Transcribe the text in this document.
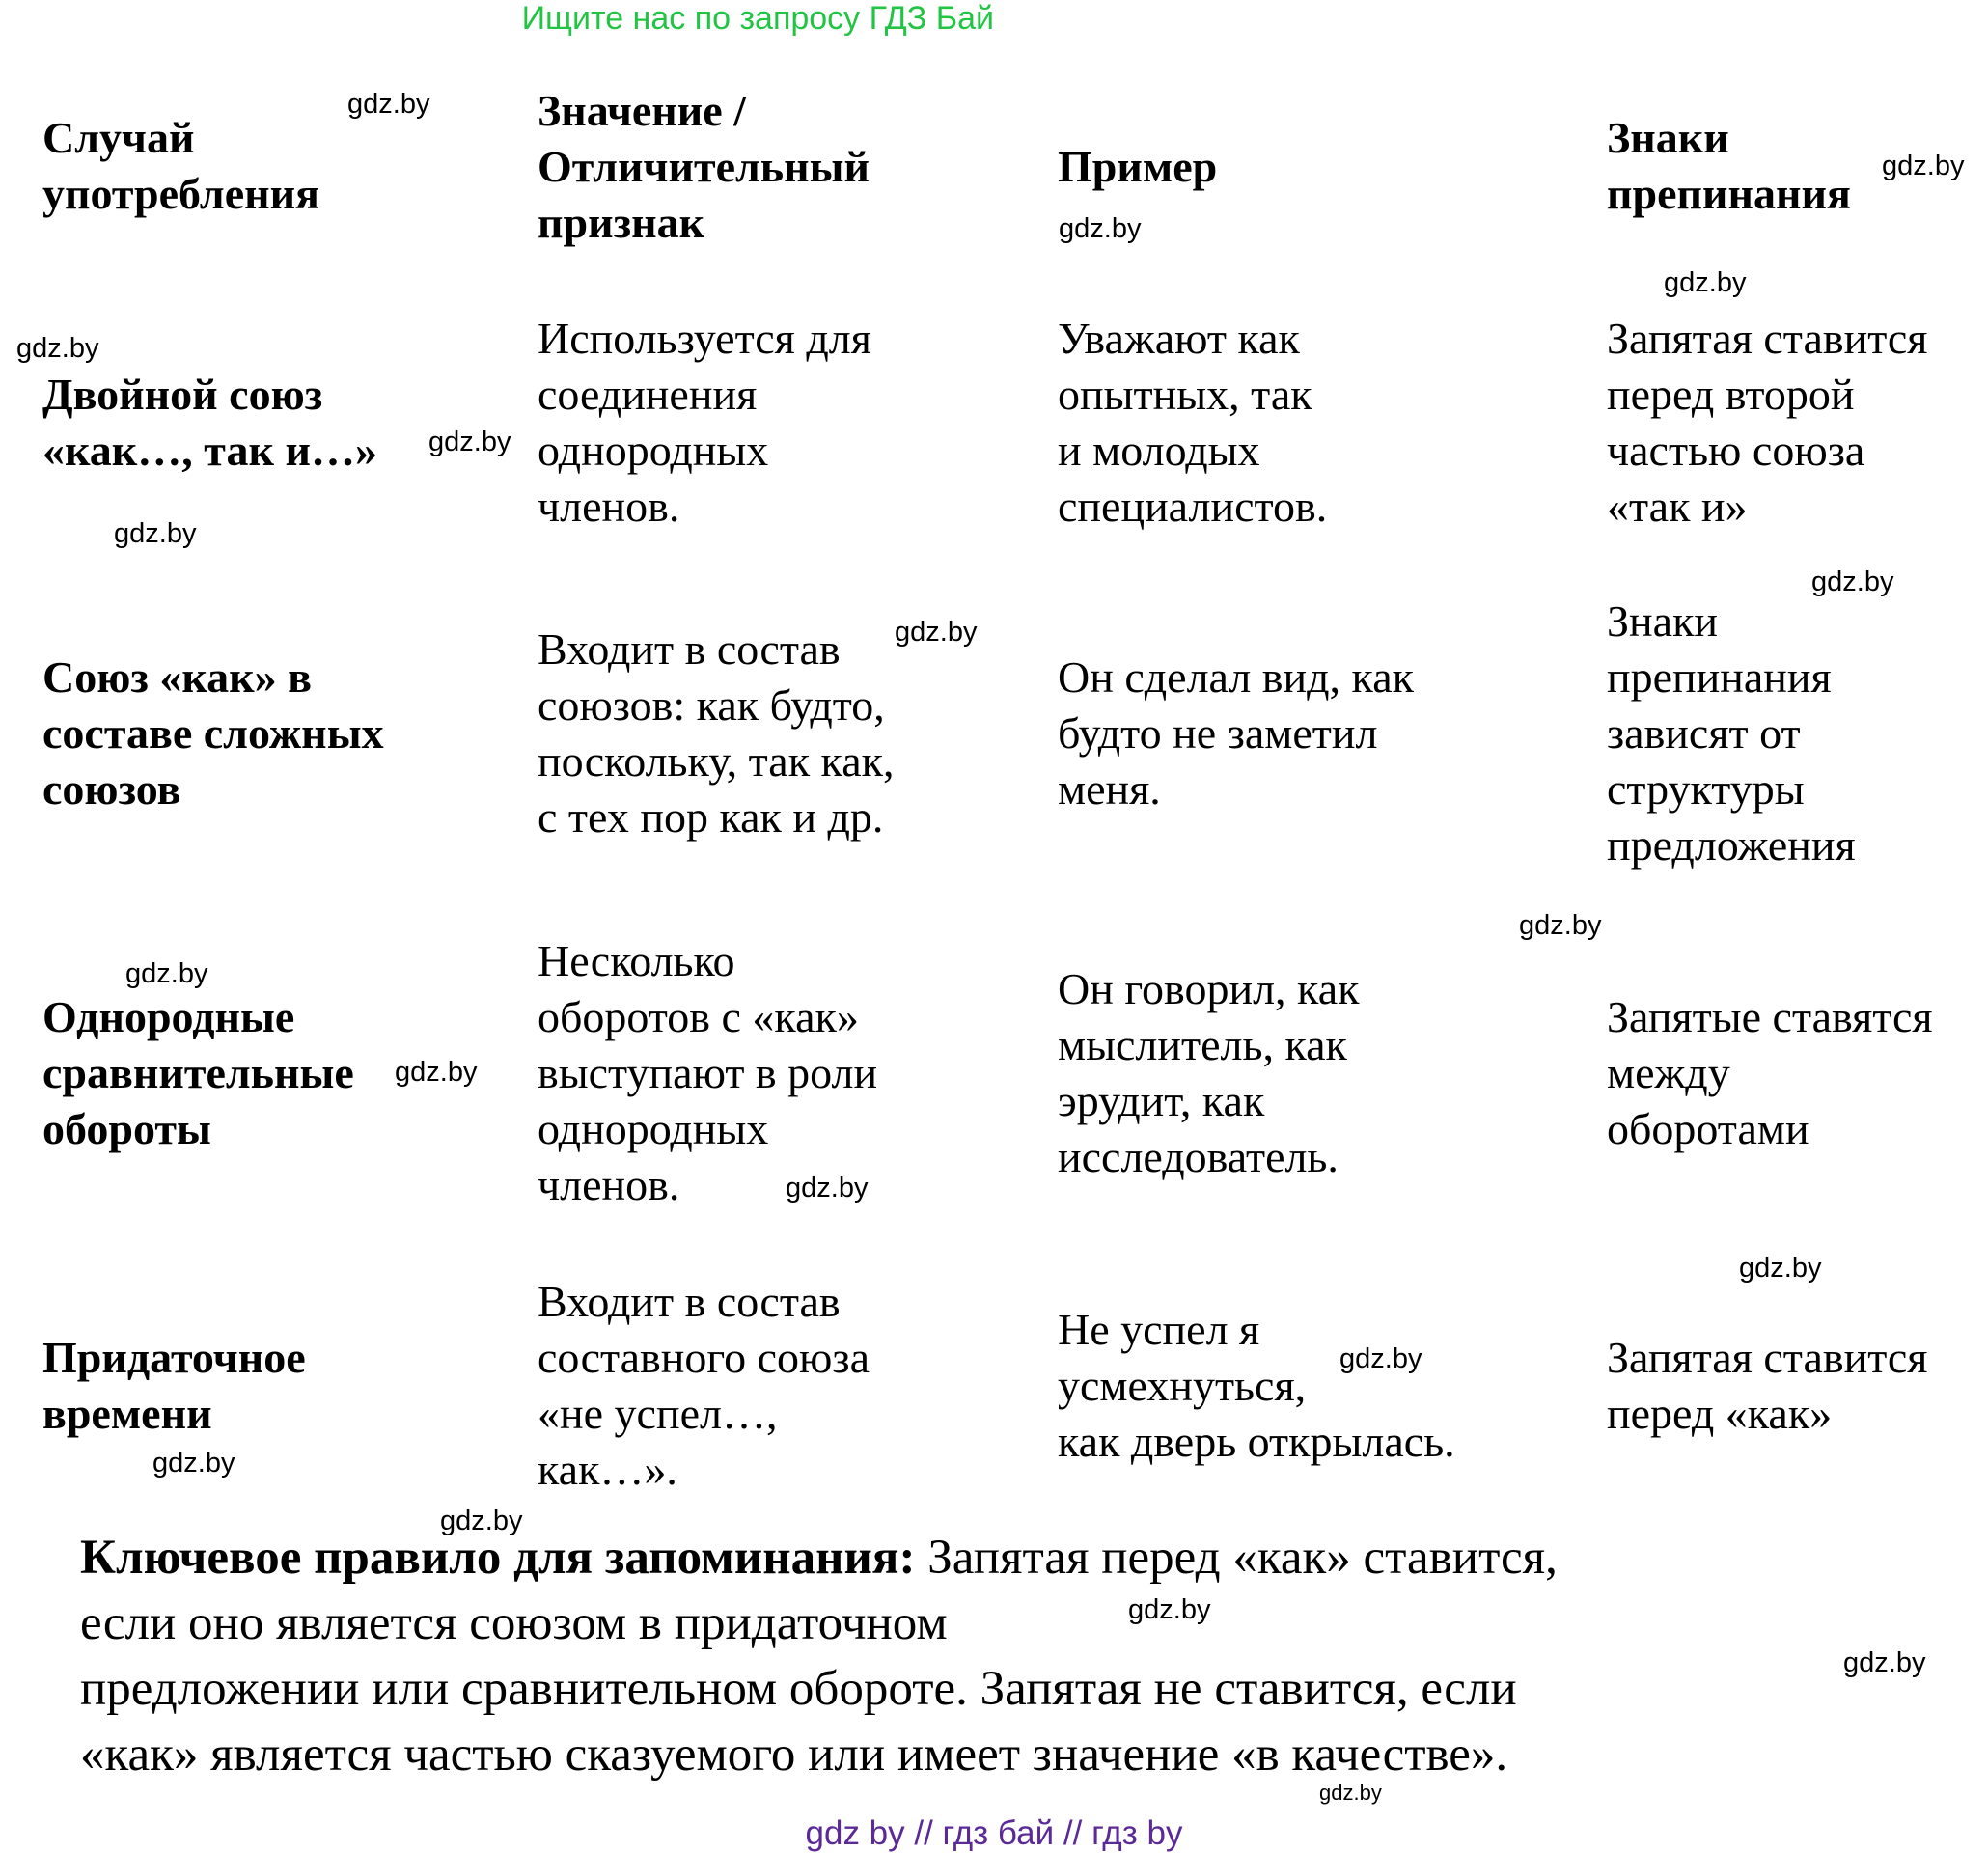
Ищите нас по запросу ГДЗ Бай
Случай
употребления
Значение /
Отличительный
признак
Пример
Знаки
препинания
Двойной союз
«как…, так и…»
Используется для
соединения
однородных
членов.
Уважают как
опытных, так
и молодых
специалистов.
Запятая ставится
перед второй
частью союза
«так и»
Союз «как» в
составе сложных
союзов
Входит в состав
союзов: как будто,
поскольку, так как,
с тех пор как и др.
Он сделал вид, как
будто не заметил
меня.
Знаки
препинания
зависят от
структуры
предложения
Однородные
сравнительные
обороты
Несколько
оборотов с «как»
выступают в роли
однородных
членов.
Он говорил, как
мыслитель, как
эрудит, как
исследователь.
Запятые ставятся
между
оборотами
Придаточное
времени
Входит в состав
составного союза
«не успел…,
как…».
Не успел я
усмехнуться,
как дверь открылась.
Запятая ставится
перед «как»
Ключевое правило для запоминания: Запятая перед «как» ставится,
если оно является союзом в придаточном
предложении или сравнительном обороте. Запятая не ставится, если
«как» является частью сказуемого или имеет значение «в качестве».
gdz.by
gdz.by
gdz.by
gdz.by
gdz.by
gdz.by
gdz.by
gdz.by
gdz.by
gdz.by
gdz.by
gdz.by
gdz.by
gdz.by
gdz.by
gdz.by
gdz.by
gdz.by
gdz.by
gdz.by
gdz by // гдз бай // гдз by
